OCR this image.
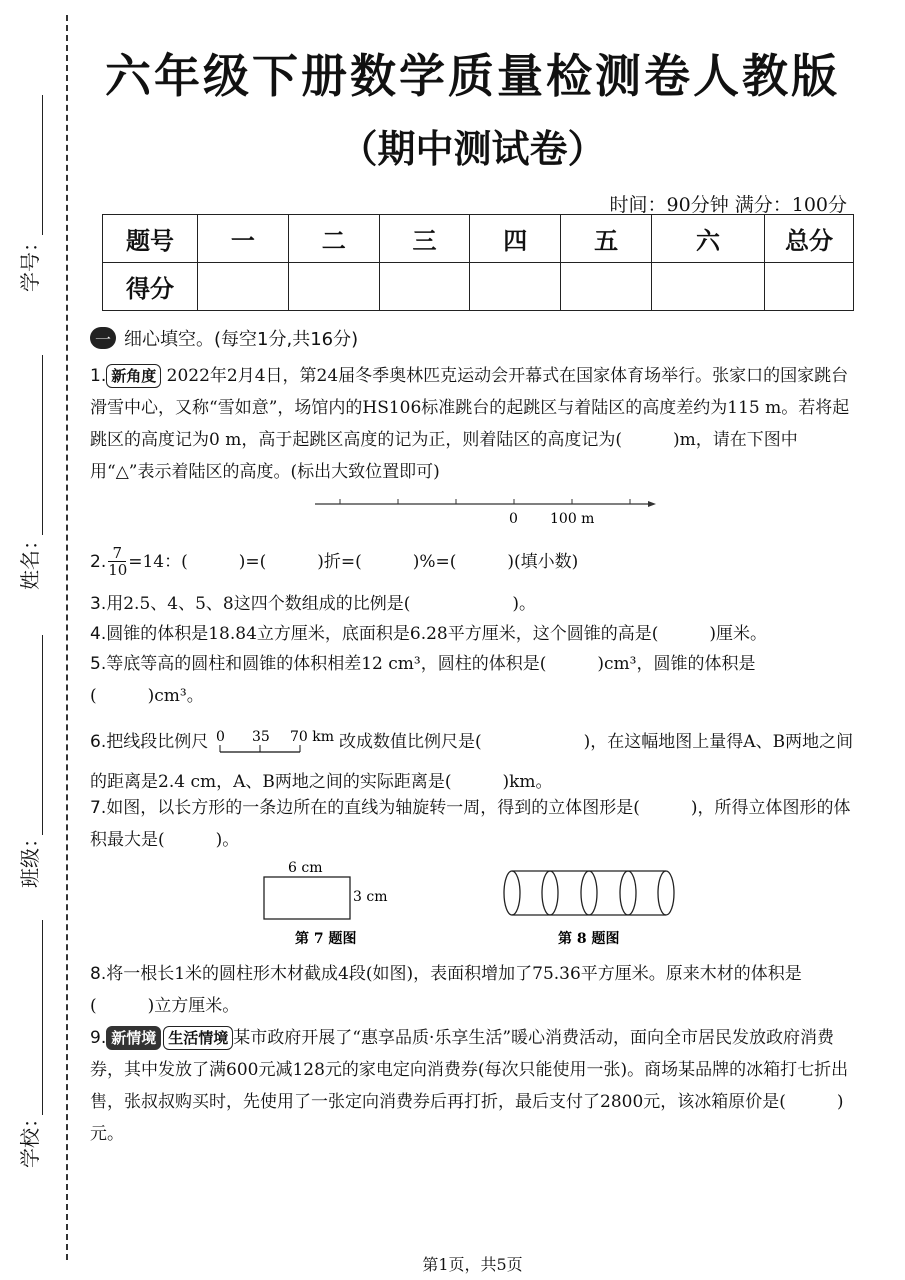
学号：
姓名：
班级：
学校：
六年级下册数学质量检测卷人教版
（期中测试卷）
时间：90分钟 满分：100分
题号	一	二	三	四	五	六	总分
得分							
一 细心填空。(每空1分,共16分)
1. 新角度 2022年2月4日，第24届冬季奥林匹克运动会开幕式在国家体育场举行。张家口的国家跳台滑雪中心，又称“雪如意”，场馆内的HS106标准跳台的起跳区与着陆区的高度差约为115 m。若将起跳区的高度记为0 m，高于起跳区高度的记为正，则着陆区的高度记为(　　　)m，请在下图中用“△”表示着陆区的高度。(标出大致位置即可)
0 100 m
2. $\frac{7}{10} =14$：(　　　)=(　　　)折=(　　　)%=(　　　)(填小数)
3.用2.5、4、5、8这四个数组成的比例是(　　　　　　)。
4.圆锥的体积是18.84立方厘米，底面积是6.28平方厘米，这个圆锥的高是(　　　)厘米。
5.等底等高的圆柱和圆锥的体积相差12 cm³，圆柱的体积是(　　　)cm³，圆锥的体积是(　　　)cm³。
6.把线段比例尺 0 35 70 km 改成数值比例尺是(　　　　　　)，在这幅地图上量得A、B两地之间的距离是2.4 cm，A、B两地之间的实际距离是(　　　)km。
7.如图，以长方形的一条边所在的直线为轴旋转一周，得到的立体图形是(　　　)，所得立体图形的体积最大是(　　　)。
6 cm
3 cm
第 7 题图	第 8 题图
8.将一根长1米的圆柱形木材截成4段(如图)，表面积增加了75.36平方厘米。原来木材的体积是(　　　)立方厘米。
9. 新情境 生活情境 某市政府开展了“惠享品质·乐享生活”暖心消费活动，面向全市居民发放政府消费券，其中发放了满600元减128元的家电定向消费券(每次只能使用一张)。商场某品牌的冰箱打七折出售，张叔叔购买时，先使用了一张定向消费券后再打折，最后支付了2800元，该冰箱原价是(　　　)元。
第1页，共5页
